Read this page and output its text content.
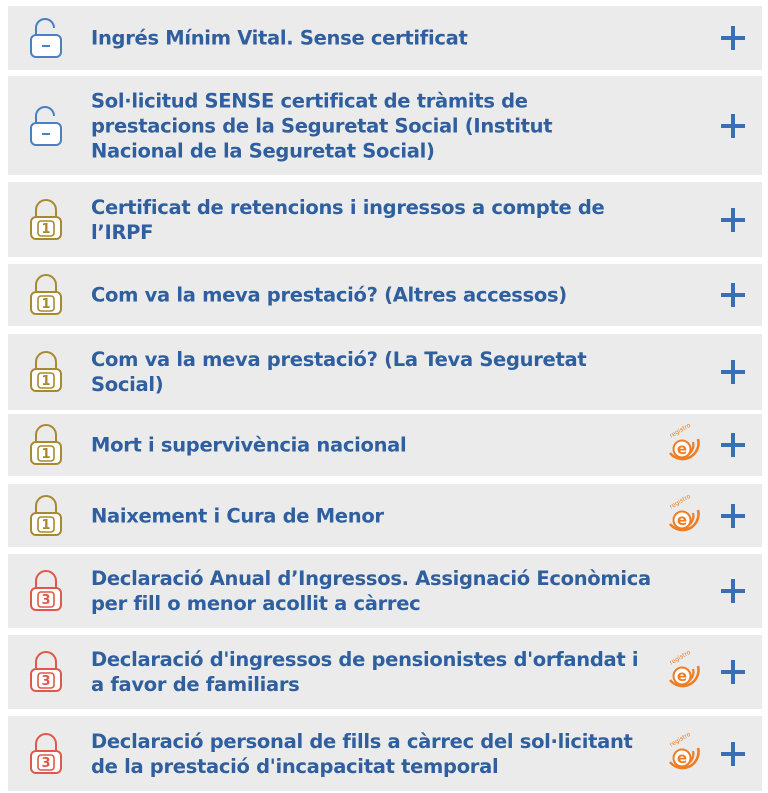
Ingrés Mínim Vital. Sense certificat
Sol·licitud SENSE certificat de tràmits de prestacions de la Seguretat Social (Institut Nacional de la Seguretat Social)
1
Certificat de retencions i ingressos a compte de l’IRPF
1 Com va la meva prestació? (Altres accessos)
1
Com va la meva prestació? (La Teva Seguretat Social)
1 Mort i supervivència nacional	e
registro
1 Naixement i Cura de Menor	e
registro
3
Declaració Anual d’Ingressos. Assignació Econòmica per fill o menor acollit a càrrec
3
Declaració d'ingressos de pensionistes d'orfandat i a favor de familiars	e
registro
3
Declaració personal de fills a càrrec del sol·licitant de la prestació d'incapacitat temporal	e
registro
